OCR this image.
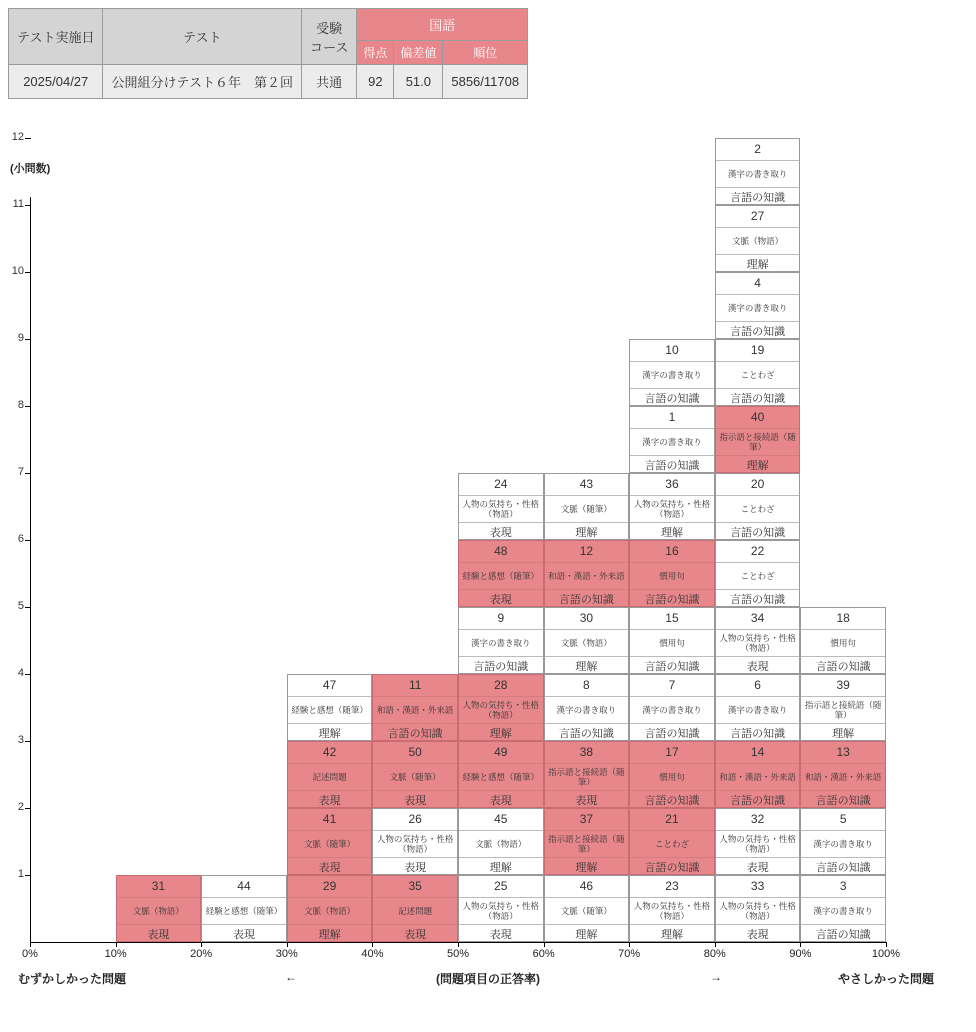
テスト実施日	テスト	受験
コース	国語		
			得点	偏差値	順位
2025/04/27	公開組分けテスト６年　第２回	共通	92	51.0	5856/11708
(小問数)
1
2
3
4
5
6
7
8
9
10
11
12
0%	10%	20%	30%	40%	50%	60%	70%	80%	90%	100%
31
文脈（物語）
表現
44
経験と感想（随筆）
表現
29
文脈（物語）
理解
41
文脈（随筆）
表現
42
記述問題
表現
47
経験と感想（随筆）
理解
35
記述問題
表現
26
人物の気持ち・性格（物語）
表現
50
文脈（随筆）
表現
11
和語・漢語・外来語
言語の知識
25
人物の気持ち・性格（物語）
表現
45
文脈（物語）
理解
49
経験と感想（随筆）
表現
28
人物の気持ち・性格（物語）
理解
9
漢字の書き取り
言語の知識
48
経験と感想（随筆）
表現
24
人物の気持ち・性格（物語）
表現
46
文脈（随筆）
理解
37
指示語と接続語（随筆）
理解
38
指示語と接続語（随筆）
表現
8
漢字の書き取り
言語の知識
30
文脈（物語）
理解
12
和語・漢語・外来語
言語の知識
43
文脈（随筆）
理解
23
人物の気持ち・性格（物語）
理解
21
ことわざ
言語の知識
17
慣用句
言語の知識
7
漢字の書き取り
言語の知識
15
慣用句
言語の知識
16
慣用句
言語の知識
36
人物の気持ち・性格（物語）
理解
1
漢字の書き取り
言語の知識
10
漢字の書き取り
言語の知識
33
人物の気持ち・性格（物語）
表現
32
人物の気持ち・性格（物語）
表現
14
和語・漢語・外来語
言語の知識
6
漢字の書き取り
言語の知識
34
人物の気持ち・性格（物語）
表現
22
ことわざ
言語の知識
20
ことわざ
言語の知識
40
指示語と接続語（随筆）
理解
19
ことわざ
言語の知識
4
漢字の書き取り
言語の知識
27
文脈（物語）
理解
2
漢字の書き取り
言語の知識
3
漢字の書き取り
言語の知識
5
漢字の書き取り
言語の知識
13
和語・漢語・外来語
言語の知識
39
指示語と接続語（随筆）
理解
18
慣用句
言語の知識
むずかしかった問題	←	(問題項目の正答率)	→	やさしかった問題
